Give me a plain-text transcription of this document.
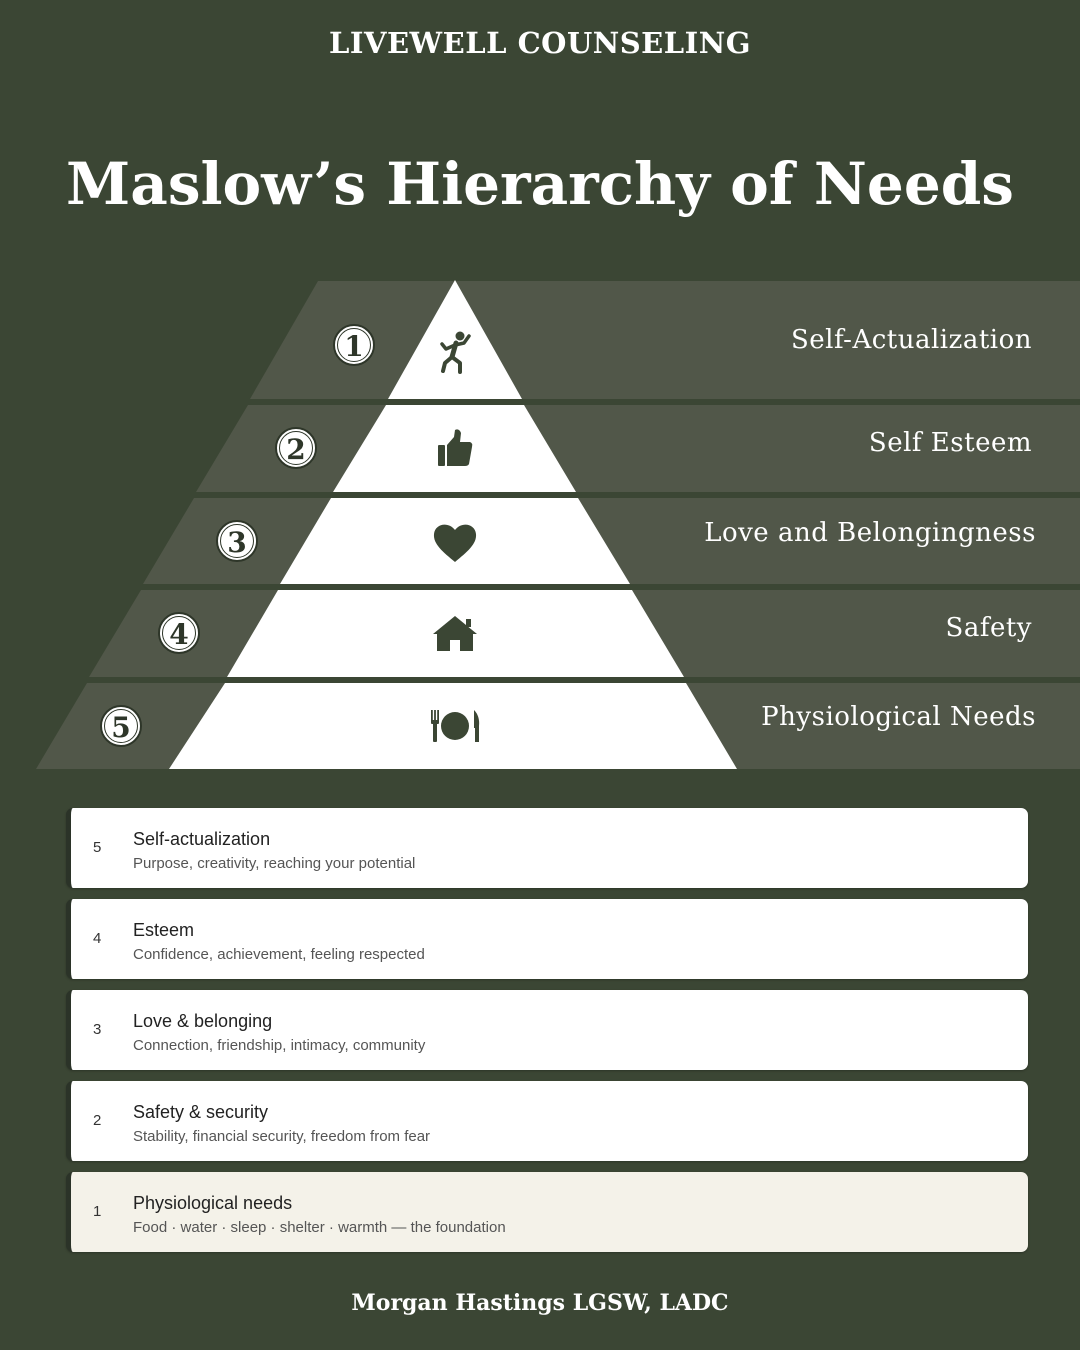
LIVEWELL COUNSELING
Maslow’s Hierarchy of Needs
1
2
3
4
5
Self-Actualization
Self Esteem
Love and Belongingness
Safety
Physiological Needs
5 Self-actualization
Purpose, creativity, reaching your potential
4 Esteem
Confidence, achievement, feeling respected
3 Love & belonging
Connection, friendship, intimacy, community
2 Safety & security
Stability, financial security, freedom from fear
1 Physiological needs
Food · water · sleep · shelter · warmth — the foundation
Morgan Hastings LGSW, LADC
